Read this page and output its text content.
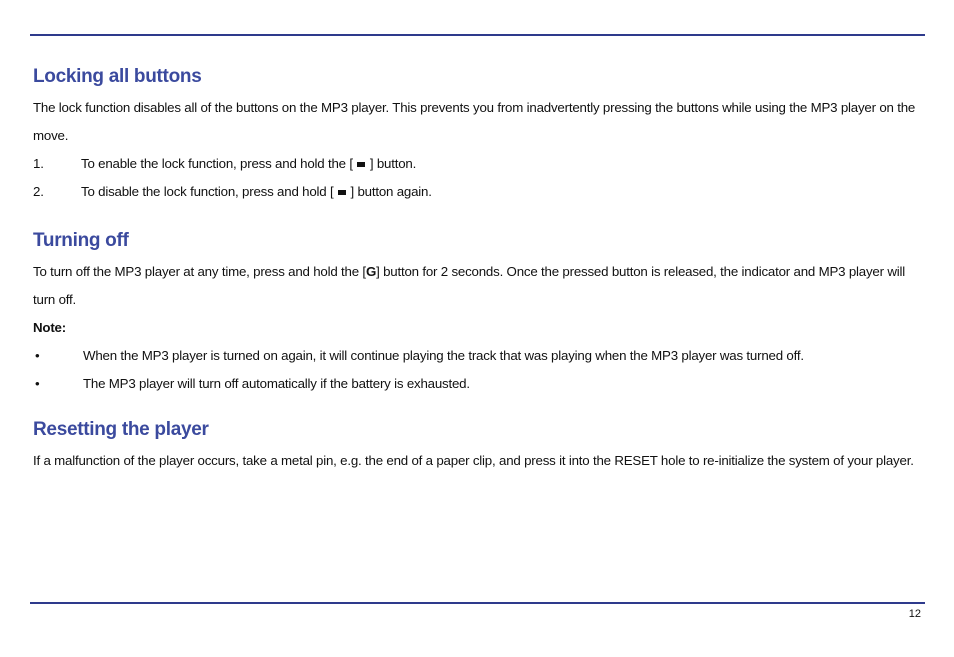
Locking all buttons

The lock function disables all of the buttons on the MP3 player. This prevents you from inadvertently pressing the buttons while using the MP3 player on the move.

1.	To enable the lock function, press and hold the [ ] button.
2.	To disable the lock function, press and hold [ ] button again.
Turning off

To turn off the MP3 player at any time, press and hold the [G] button for 2 seconds. Once the pressed button is released, the indicator and MP3 player will turn off.

Note:

•	When the MP3 player is turned on again, it will continue playing the track that was playing when the MP3 player was turned off.
•	The MP3 player will turn off automatically if the battery is exhausted.
Resetting the player

If a malfunction of the player occurs, take a metal pin, e.g. the end of a paper clip, and press it into the RESET hole to re-initialize the system of your player.

12
